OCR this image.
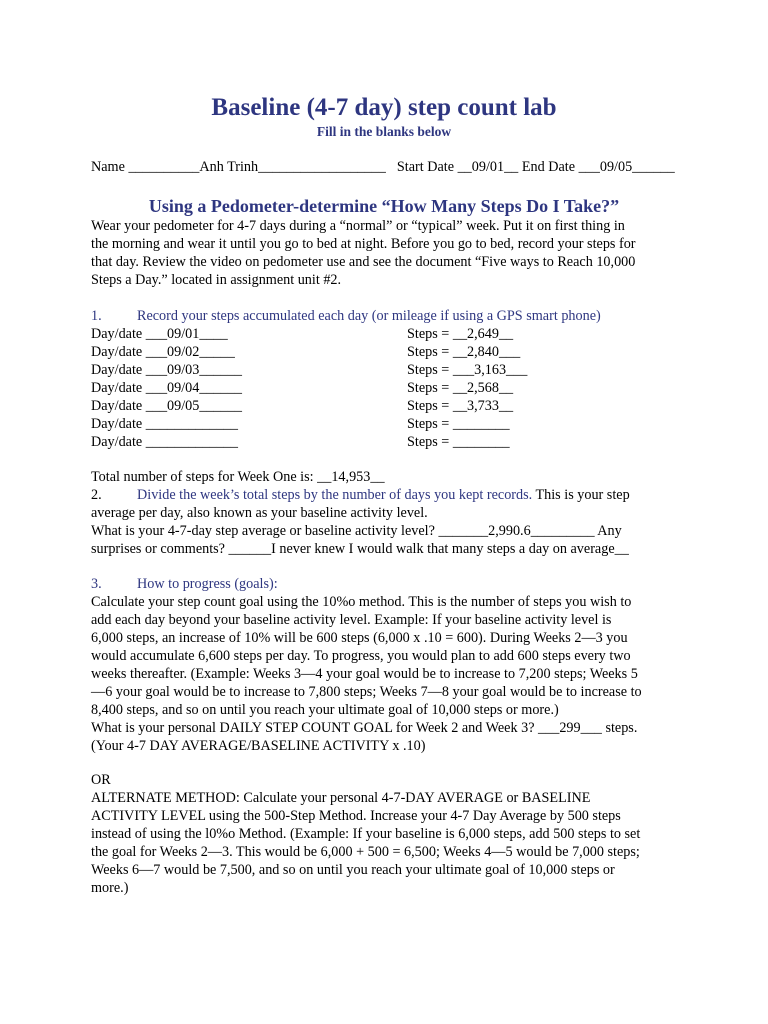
Baseline (4-7 day) step count lab
Fill in the blanks below
Name __________Anh Trinh__________________ Start Date __09/01__ End Date ___09/05______
Using a Pedometer-determine “How Many Steps Do I Take?”
Wear your pedometer for 4-7 days during a “normal” or “typical” week. Put it on first thing in
the morning and wear it until you go to bed at night. Before you go to bed, record your steps for
that day. Review the video on pedometer use and see the document “Five ways to Reach 10,000
Steps a Day.” located in assignment unit #2.
1. Record your steps accumulated each day (or mileage if using a GPS smart phone)
Day/date ___09/01____	Steps = __2,649__
Day/date ___09/02_____	Steps = __2,840___
Day/date ___09/03______	Steps = ___3,163___
Day/date ___09/04______	Steps = __2,568__
Day/date ___09/05______	Steps = __3,733__
Day/date _____________	Steps = ________
Day/date _____________	Steps = ________
Total number of steps for Week One is: __14,953__
2. Divide the week’s total steps by the number of days you kept records. This is your step
average per day, also known as your baseline activity level.
What is your 4-7-day step average or baseline activity level? _______2,990.6_________ Any
surprises or comments? ______I never knew I would walk that many steps a day on average__
3. How to progress (goals):
Calculate your step count goal using the 10%o method. This is the number of steps you wish to
add each day beyond your baseline activity level. Example: If your baseline activity level is
6,000 steps, an increase of 10% will be 600 steps (6,000 x .10 = 600). During Weeks 2—3 you
would accumulate 6,600 steps per day. To progress, you would plan to add 600 steps every two
weeks thereafter. (Example: Weeks 3—4 your goal would be to increase to 7,200 steps; Weeks 5
—6 your goal would be to increase to 7,800 steps; Weeks 7—8 your goal would be to increase to
8,400 steps, and so on until you reach your ultimate goal of 10,000 steps or more.)
What is your personal DAILY STEP COUNT GOAL for Week 2 and Week 3? ___299___ steps.
(Your 4-7 DAY AVERAGE/BASELINE ACTIVITY x .10)
OR
ALTERNATE METHOD: Calculate your personal 4-7-DAY AVERAGE or BASELINE
ACTIVITY LEVEL using the 500-Step Method. Increase your 4-7 Day Average by 500 steps
instead of using the l0%o Method. (Example: If your baseline is 6,000 steps, add 500 steps to set
the goal for Weeks 2—3. This would be 6,000 + 500 = 6,500; Weeks 4—5 would be 7,000 steps;
Weeks 6—7 would be 7,500, and so on until you reach your ultimate goal of 10,000 steps or
more.)
